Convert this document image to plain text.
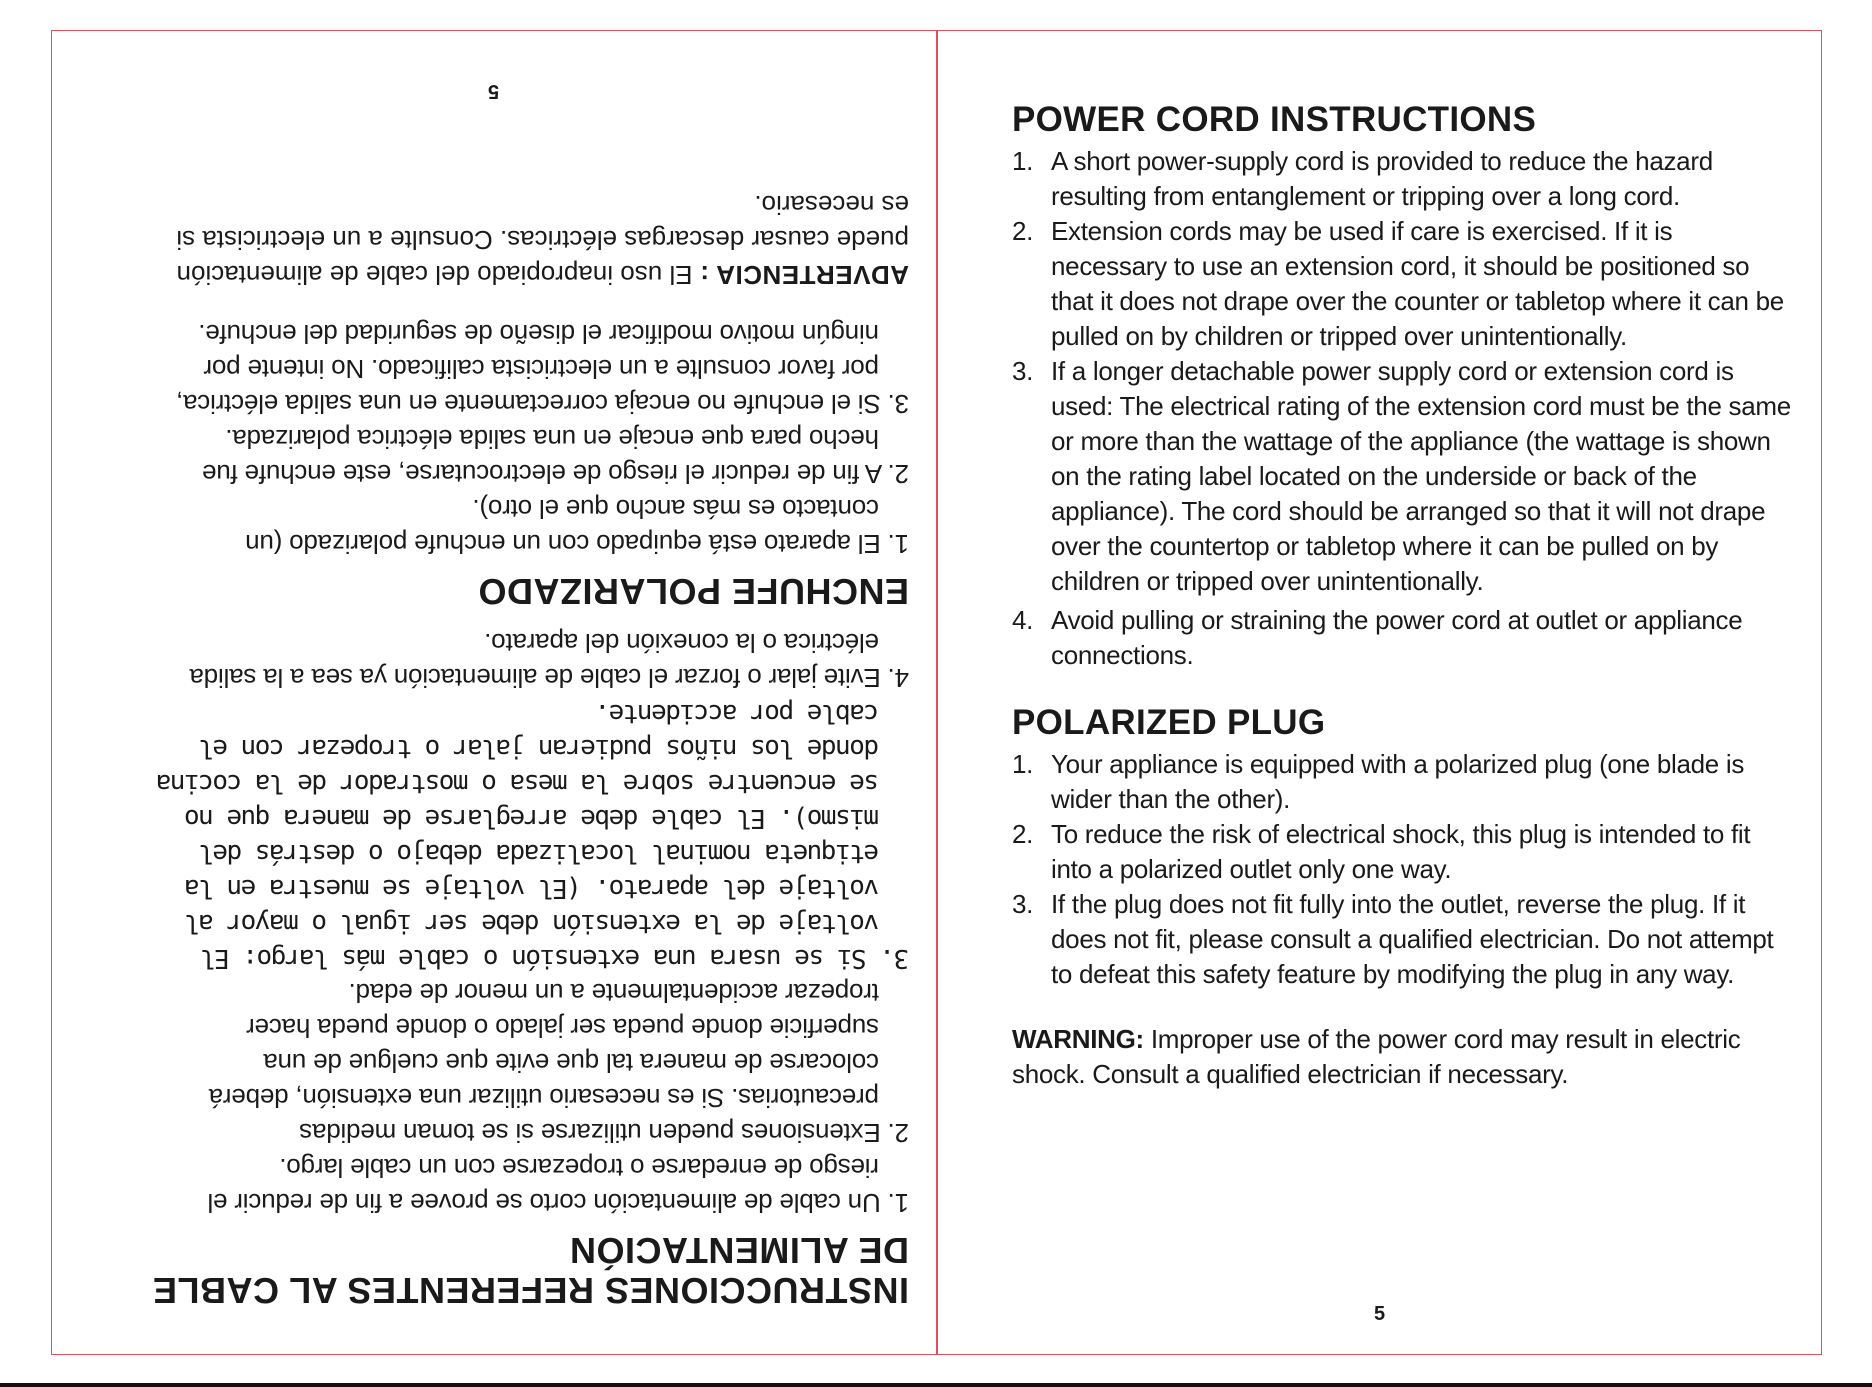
INSTRUCCIONES REFERENTES AL CABLE DE ALIMENTACIÓN
1. Un cable de alimentación corto se provee a fin de reducir el riesgo de enredarse o tropezarse con un cable largo.
2. Extensiones pueden utilizarse si se toman medidas precautorias. Si es necesario utilizar una extensión, deberá colocarse de manera tal que evite que cuelgue de una superficie donde pueda ser jalado o donde pueda hacer tropezar accidentalmente a un menor de edad.
3. Si se usara una extensión o cable más largo: El voltaje de la extensión debe ser igual o mayor al voltaje del aparato. (El voltaje se muestra en la etiqueta nominal localizada debajo o destrás del mismo). El cable debe arreglarse de manera que no se encuentre sobre la mesa o mostrador de la cocina donde los niños pudieran jalar o tropezar con el cable por accidente.
4. Evite jalar o forzar el cable de alimentación ya sea a la salida eléctrica o la conexión del aparato.
ENCHUFE POLARIZADO
1. El aparato está equipado con un enchufe polarizado (un contacto es más ancho que el otro).
2. A fin de reducir el riesgo de electrocutarse, este enchufe fue hecho para que encaje en una salida eléctrica polarizada.
3. Si el enchufe no encaja correctamente en una salida eléctrica, por favor consulte a un electricista calificado. No intente por ningún motivo modificar el diseño de seguridad del enchufe.

ADVERTENCIA : El uso inapropiado del cable de alimentación puede causar descargas eléctricas. Consulte a un electricista si es necesario.

5
POWER CORD INSTRUCTIONS
1. A short power-supply cord is provided to reduce the hazard resulting from entanglement or tripping over a long cord.
2. Extension cords may be used if care is exercised. If it is necessary to use an extension cord, it should be positioned so that it does not drape over the counter or tabletop where it can be pulled on by children or tripped over unintentionally.
3. If a longer detachable power supply cord or extension cord is used: The electrical rating of the extension cord must be the same or more than the wattage of the appliance (the wattage is shown on the rating label located on the underside or back of the appliance). The cord should be arranged so that it will not drape over the countertop or tabletop where it can be pulled on by children or tripped over unintentionally.
4. Avoid pulling or straining the power cord at outlet or appliance connections.
POLARIZED PLUG
1. Your appliance is equipped with a polarized plug (one blade is wider than the other).
2. To reduce the risk of electrical shock, this plug is intended to fit into a polarized outlet only one way.
3. If the plug does not fit fully into the outlet, reverse the plug. If it does not fit, please consult a qualified electrician. Do not attempt to defeat this safety feature by modifying the plug in any way.

WARNING: Improper use of the power cord may result in electric shock. Consult a qualified electrician if necessary.

5
